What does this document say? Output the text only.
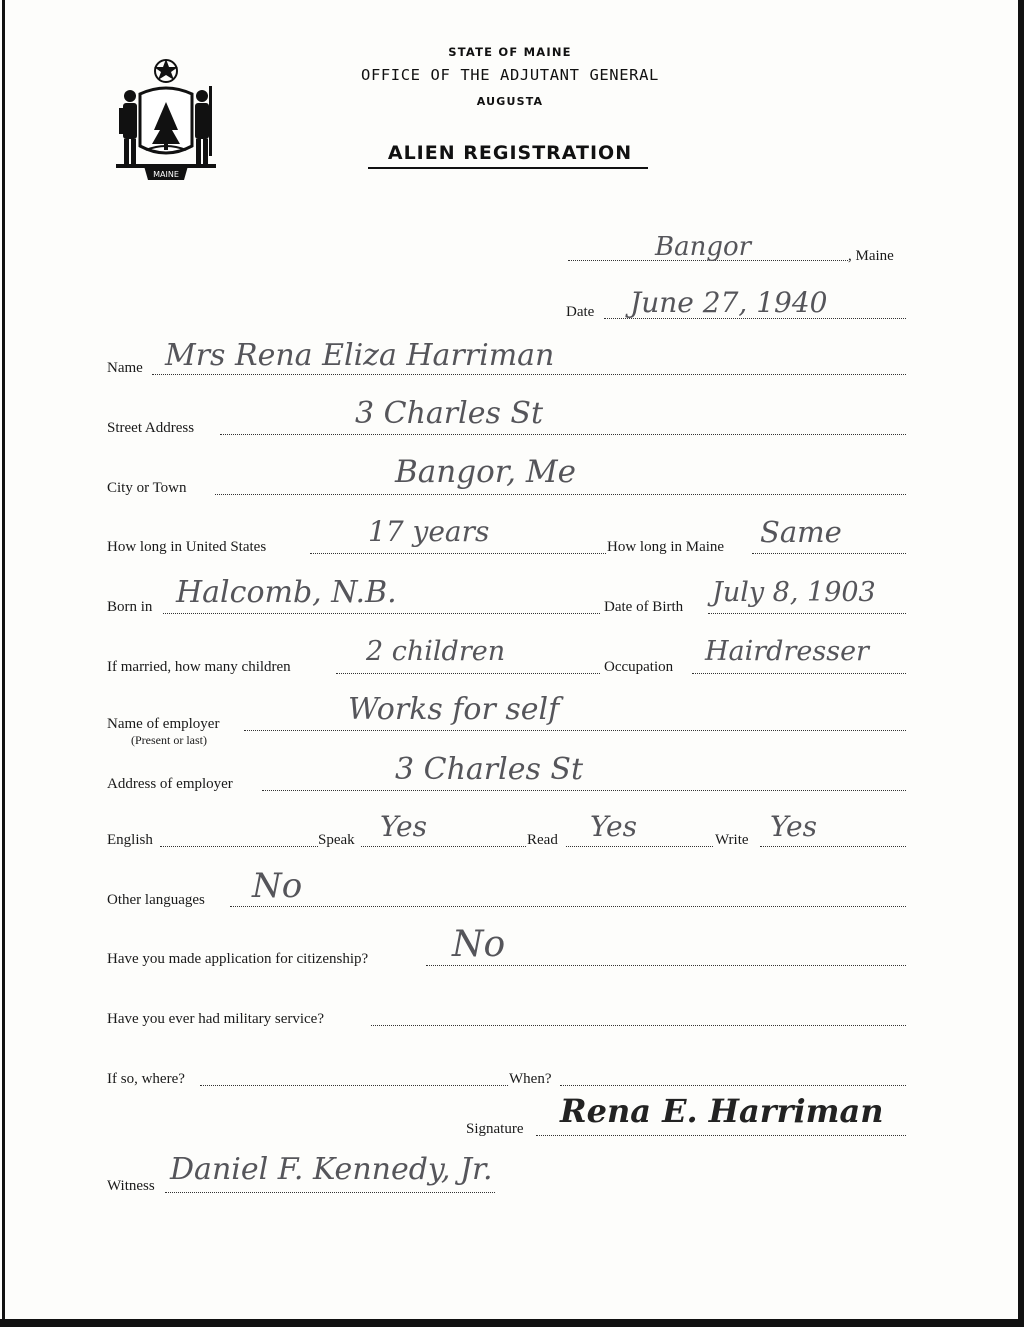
MAINE
STATE OF MAINE
OFFICE OF THE ADJUTANT GENERAL
AUGUSTA
ALIEN REGISTRATION
Bangor	, Maine
Date June 27, 1940
Name Mrs Rena Eliza Harriman
Street Address	3 Charles St
City or Town	Bangor, Me
How long in United States	17 years	How long in Maine Same
Born in Halcomb, N.B.	Date of Birth July 8, 1903
If married, how many children	2 children	Occupation Hairdresser
Name of employer
(Present or last)
Works for self
Address of employer	3 Charles St
English	Speak Yes	Read Yes	Write Yes
Other languages No
Have you made application for citizenship? No
Have you ever had military service?
If so, where?	When?
Signature Rena E. Harriman
Witness Daniel F. Kennedy, Jr.
